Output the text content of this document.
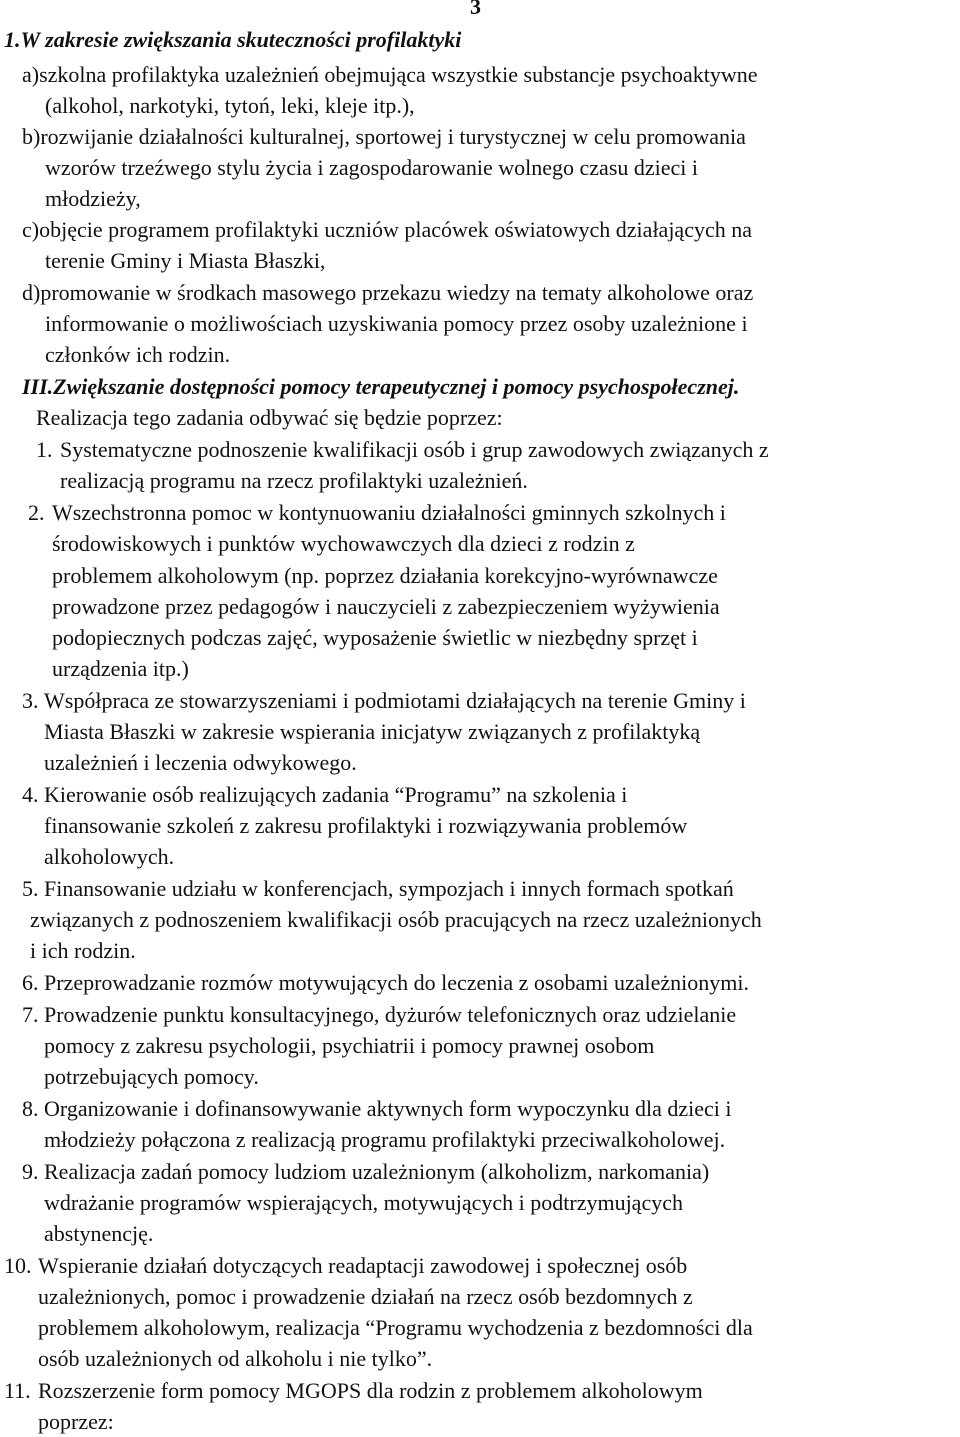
3
1.W zakresie zwiększania skuteczności profilaktyki
a)szkolna profilaktyka uzależnień obejmująca wszystkie substancje psychoaktywne
(alkohol, narkotyki, tytoń, leki, kleje itp.),
b)rozwijanie działalności kulturalnej, sportowej i turystycznej w celu promowania
wzorów trzeźwego stylu życia i zagospodarowanie wolnego czasu dzieci i
młodzieży,
c)objęcie programem profilaktyki uczniów placówek oświatowych działających na
terenie Gminy i Miasta Błaszki,
d)promowanie w środkach masowego przekazu wiedzy na tematy alkoholowe oraz
informowanie o możliwościach uzyskiwania pomocy przez osoby uzależnione i
członków ich rodzin.
III.Zwiększanie dostępności pomocy terapeutycznej i pomocy psychospołecznej.
Realizacja tego zadania odbywać się będzie poprzez:
1. Systematyczne podnoszenie kwalifikacji osób i grup zawodowych związanych z
realizacją programu na rzecz profilaktyki uzależnień.
2. Wszechstronna pomoc w kontynuowaniu działalności gminnych szkolnych i
środowiskowych i punktów wychowawczych dla dzieci z rodzin z
problemem alkoholowym (np. poprzez działania korekcyjno-wyrównawcze
prowadzone przez pedagogów i nauczycieli z zabezpieczeniem wyżywienia
podopiecznych podczas zajęć, wyposażenie świetlic w niezbędny sprzęt i
urządzenia itp.)
3. Współpraca ze stowarzyszeniami i podmiotami działających na terenie Gminy i
Miasta Błaszki w zakresie wspierania inicjatyw związanych z profilaktyką
uzależnień i leczenia odwykowego.
4. Kierowanie osób realizujących zadania “Programu” na szkolenia i
finansowanie szkoleń z zakresu profilaktyki i rozwiązywania problemów
alkoholowych.
5. Finansowanie udziału w konferencjach, sympozjach i innych formach spotkań
związanych z podnoszeniem kwalifikacji osób pracujących na rzecz uzależnionych
i ich rodzin.
6. Przeprowadzanie rozmów motywujących do leczenia z osobami uzależnionymi.
7. Prowadzenie punktu konsultacyjnego, dyżurów telefonicznych oraz udzielanie
pomocy z zakresu psychologii, psychiatrii i pomocy prawnej osobom
potrzebujących pomocy.
8. Organizowanie i dofinansowywanie aktywnych form wypoczynku dla dzieci i
młodzieży połączona z realizacją programu profilaktyki przeciwalkoholowej.
9. Realizacja zadań pomocy ludziom uzależnionym (alkoholizm, narkomania)
wdrażanie programów wspierających, motywujących i podtrzymujących
abstynencję.
10. Wspieranie działań dotyczących readaptacji zawodowej i społecznej osób
uzależnionych, pomoc i prowadzenie działań na rzecz osób bezdomnych z
problemem alkoholowym, realizacja “Programu wychodzenia z bezdomności dla
osób uzależnionych od alkoholu i nie tylko”.
11. Rozszerzenie form pomocy MGOPS dla rodzin z problemem alkoholowym
poprzez:
